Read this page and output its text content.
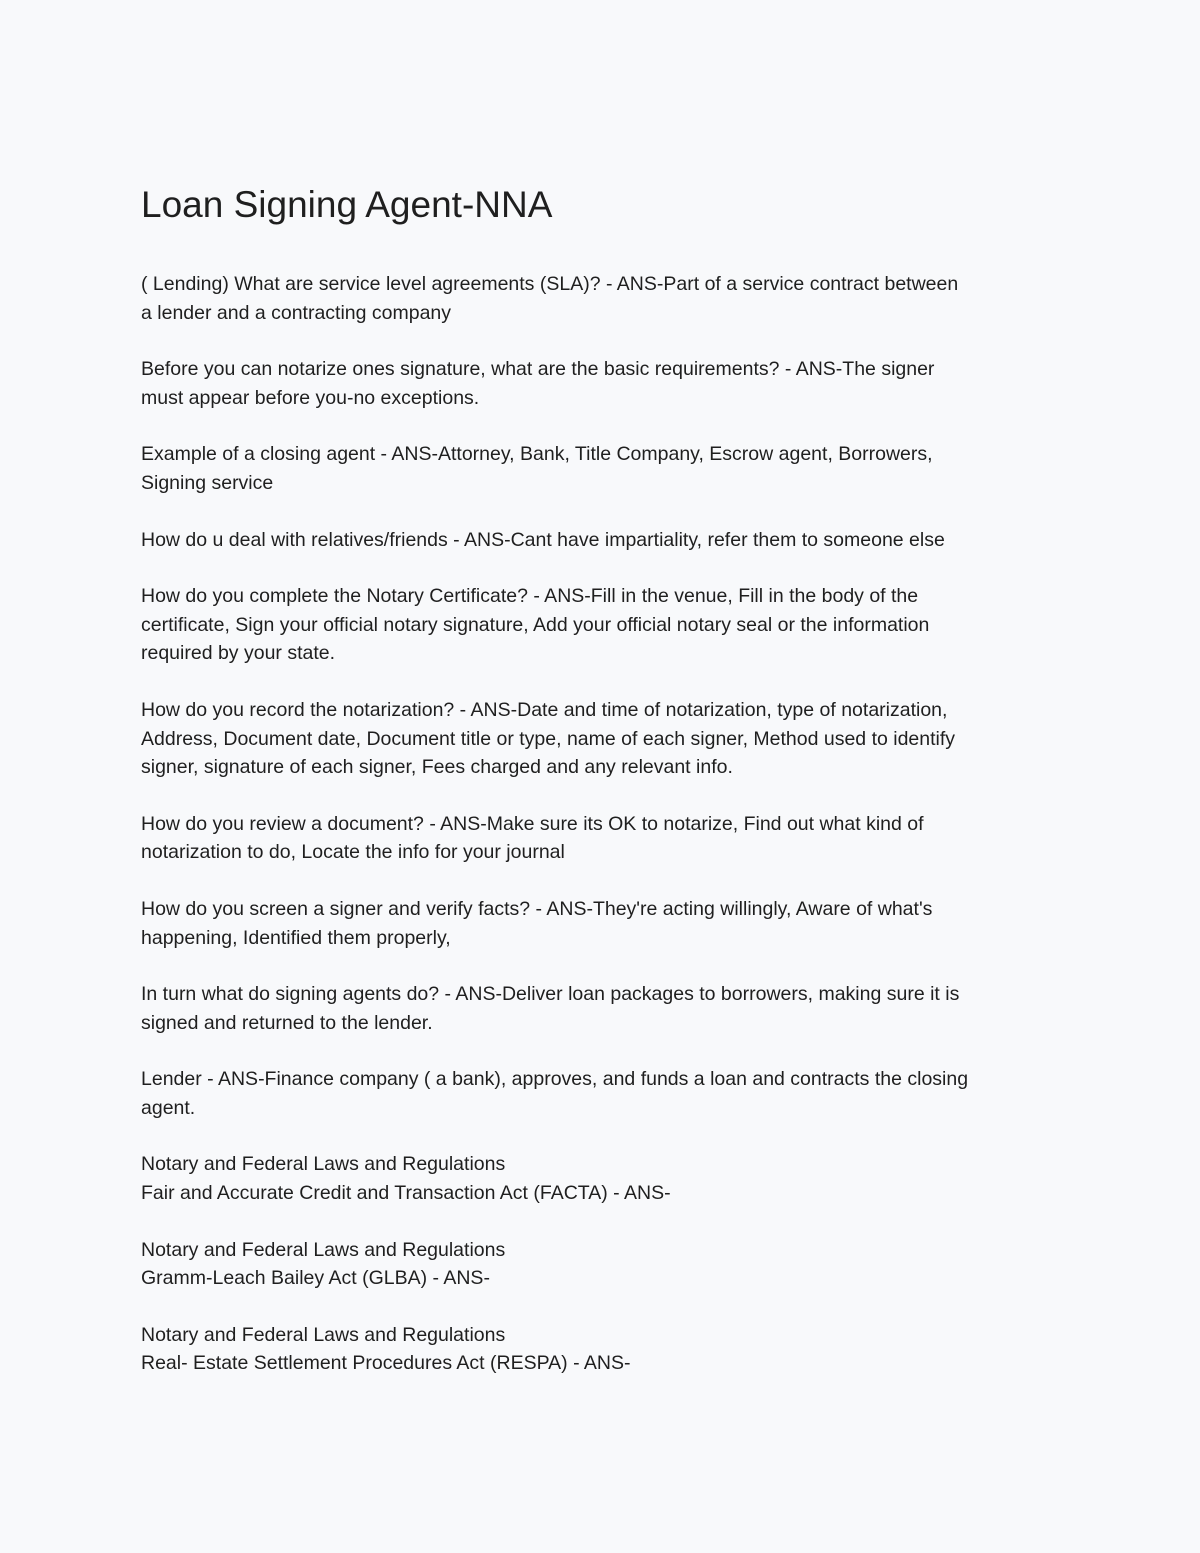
Loan Signing Agent-NNA

( Lending) What are service level agreements (SLA)? - ANS-Part of a service contract between
a lender and a contracting company

Before you can notarize ones signature, what are the basic requirements? - ANS-The signer
must appear before you-no exceptions.

Example of a closing agent - ANS-Attorney, Bank, Title Company, Escrow agent, Borrowers,
Signing service

How do u deal with relatives/friends - ANS-Cant have impartiality, refer them to someone else

How do you complete the Notary Certificate? - ANS-Fill in the venue, Fill in the body of the
certificate, Sign your official notary signature, Add your official notary seal or the information
required by your state.

How do you record the notarization? - ANS-Date and time of notarization, type of notarization,
Address, Document date, Document title or type, name of each signer, Method used to identify
signer, signature of each signer, Fees charged and any relevant info.

How do you review a document? - ANS-Make sure its OK to notarize, Find out what kind of
notarization to do, Locate the info for your journal

How do you screen a signer and verify facts? - ANS-They're acting willingly, Aware of what's
happening, Identified them properly,

In turn what do signing agents do? - ANS-Deliver loan packages to borrowers, making sure it is
signed and returned to the lender.

Lender - ANS-Finance company ( a bank), approves, and funds a loan and contracts the closing
agent.

Notary and Federal Laws and Regulations
Fair and Accurate Credit and Transaction Act (FACTA) - ANS-

Notary and Federal Laws and Regulations
Gramm-Leach Bailey Act (GLBA) - ANS-

Notary and Federal Laws and Regulations
Real- Estate Settlement Procedures Act (RESPA) - ANS-
